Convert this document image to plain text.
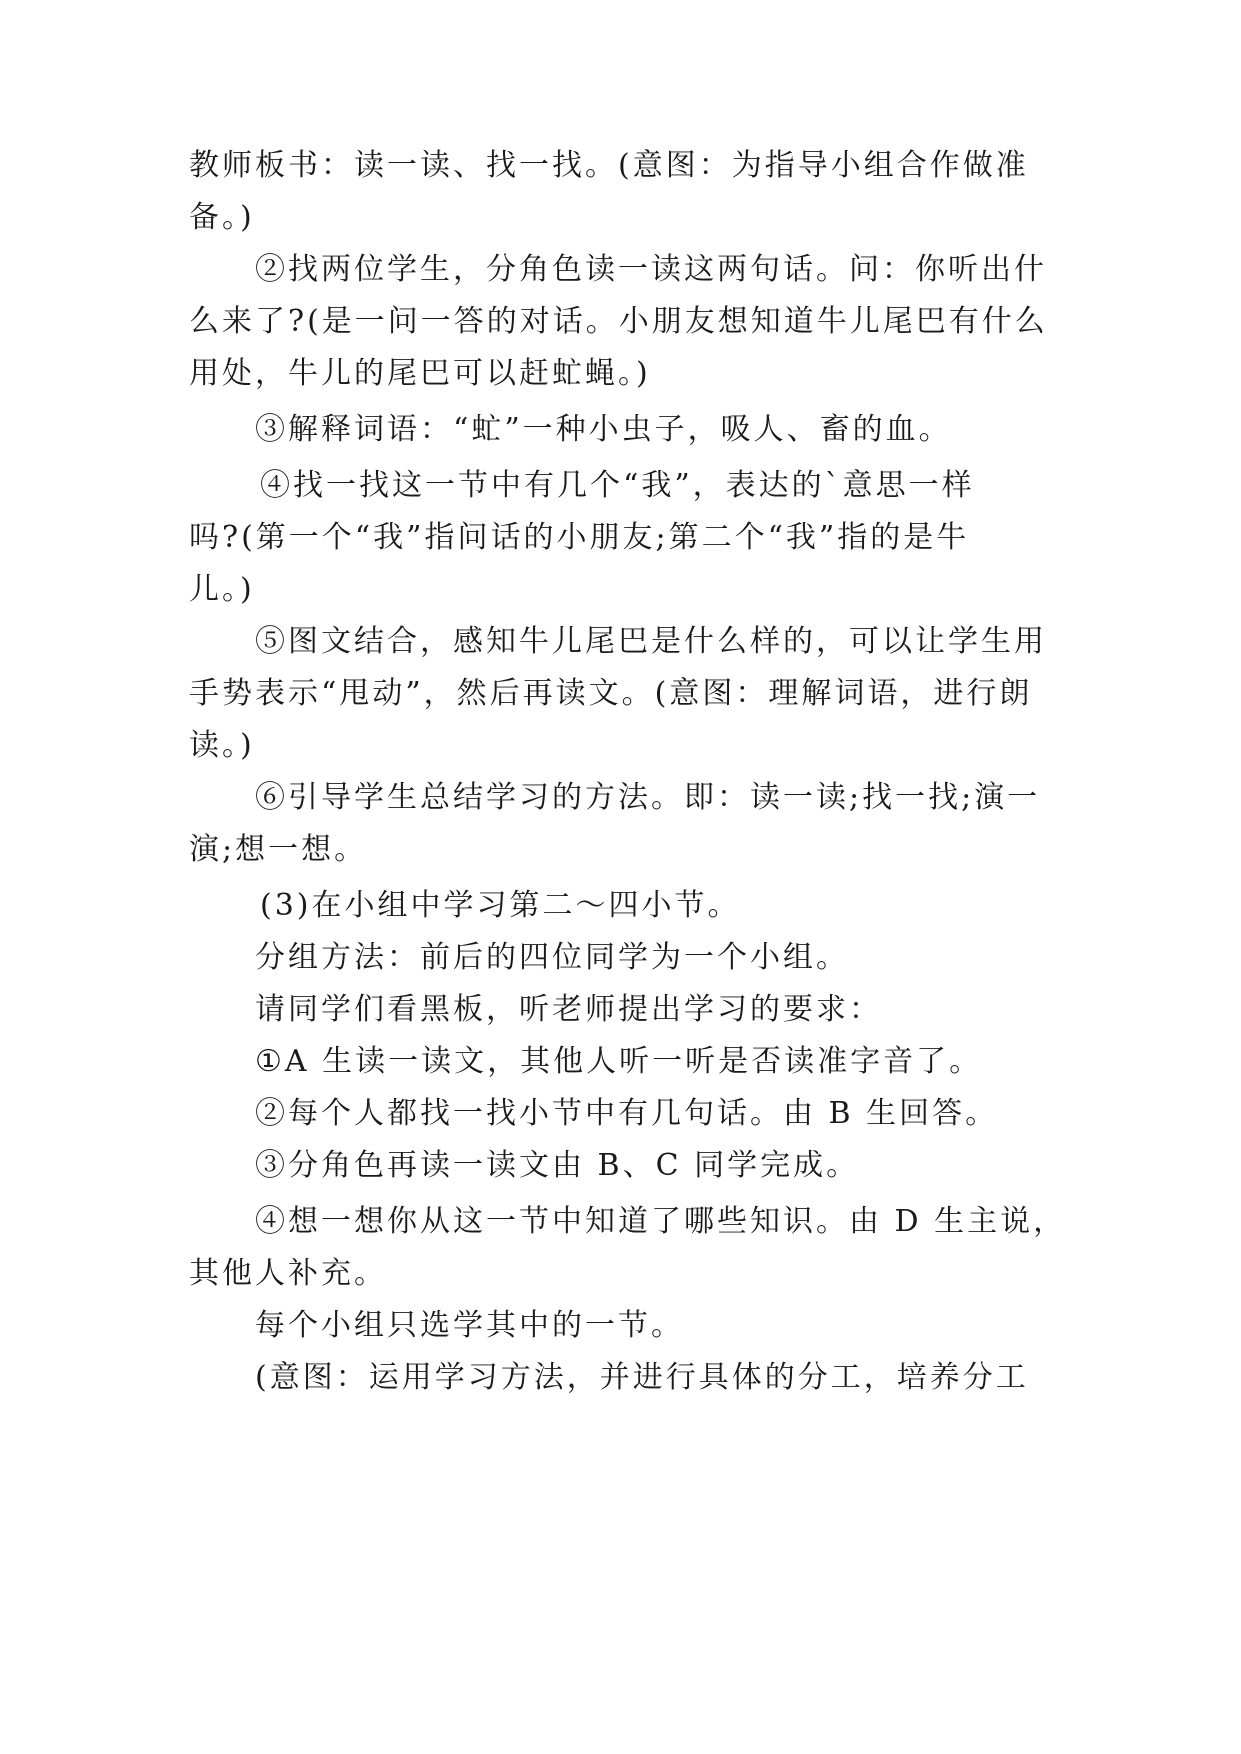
教师板书：读一读、找一找。(意图：为指导小组合作做准
备。)
②找两位学生，分角色读一读这两句话。问：你听出什
么来了?(是一问一答的对话。小朋友想知道牛儿尾巴有什么
用处，牛儿的尾巴可以赶虻蝇。)
③解释词语：“虻”一种小虫子，吸人、畜的血。
④找一找这一节中有几个“我”，表达的`意思一样
吗?(第一个“我”指问话的小朋友;第二个“我”指的是牛
儿。)
⑤图文结合，感知牛儿尾巴是什么样的，可以让学生用
手势表示“甩动”，然后再读文。(意图：理解词语，进行朗
读。)
⑥引导学生总结学习的方法。即：读一读;找一找;演一
演;想一想。
(3)在小组中学习第二～四小节。
分组方法：前后的四位同学为一个小组。
请同学们看黑板，听老师提出学习的要求：
①A 生读一读文，其他人听一听是否读准字音了。
②每个人都找一找小节中有几句话。由 B 生回答。
③分角色再读一读文由 B、C 同学完成。
④想一想你从这一节中知道了哪些知识。由 D 生主说，
其他人补充。
每个小组只选学其中的一节。
(意图：运用学习方法，并进行具体的分工，培养分工
